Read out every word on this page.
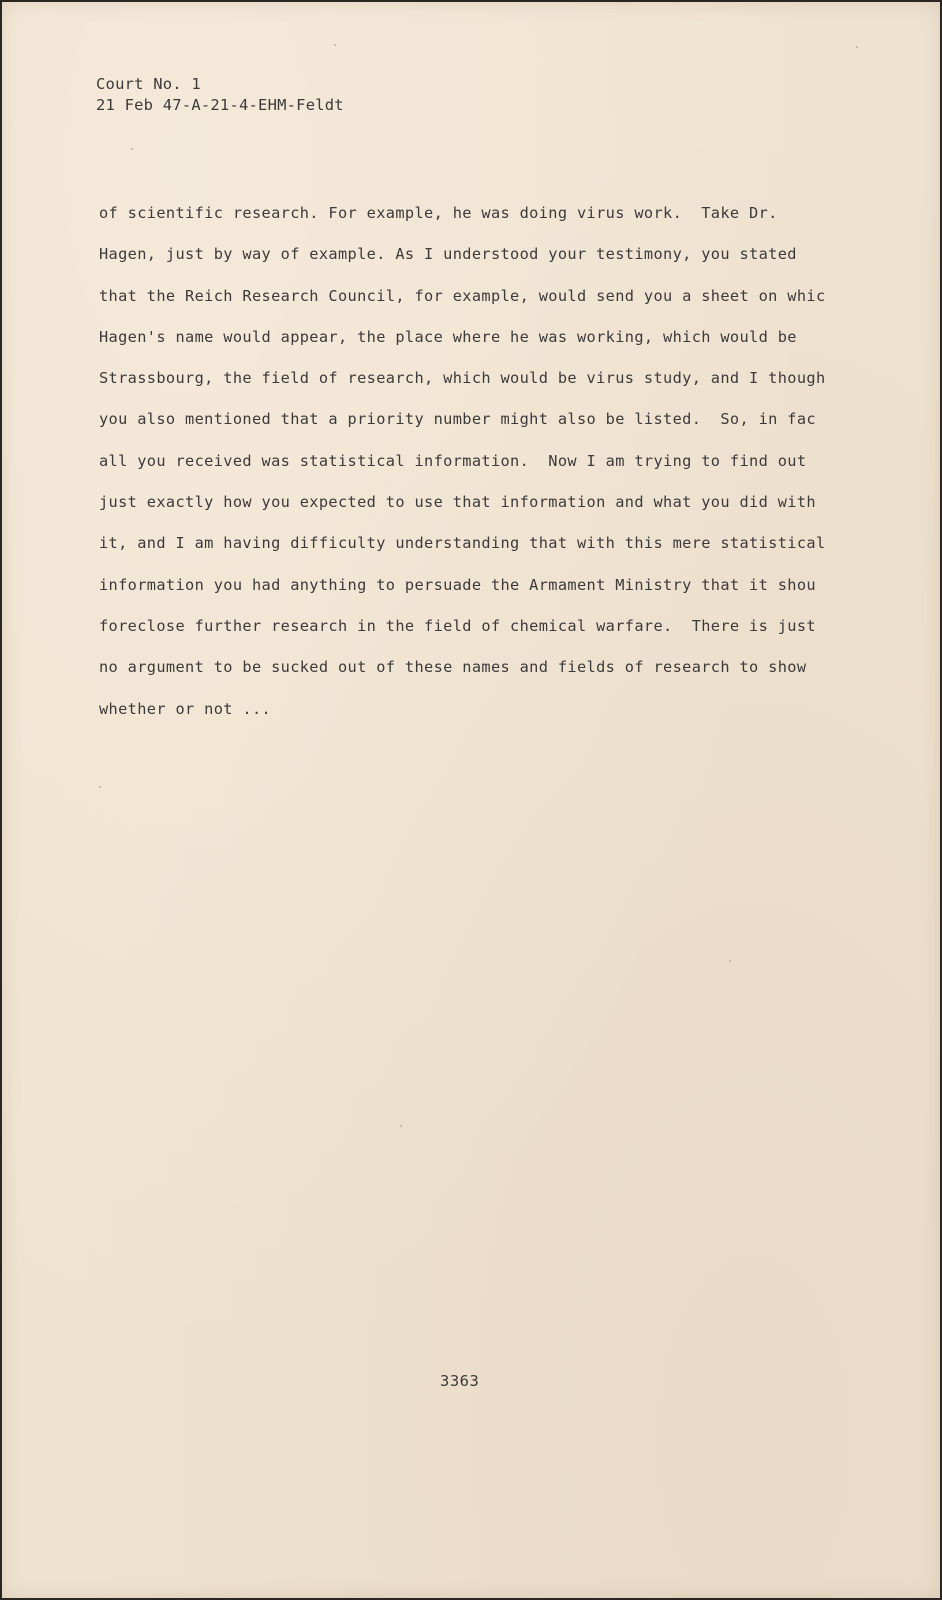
Court No. 1
21 Feb 47-A-21-4-EHM-Feldt
of scientific research. For example, he was doing virus work.  Take Dr.
Hagen, just by way of example. As I understood your testimony, you stated
that the Reich Research Council, for example, would send you a sheet on whic
Hagen's name would appear, the place where he was working, which would be
Strassbourg, the field of research, which would be virus study, and I though
you also mentioned that a priority number might also be listed.  So, in fac
all you received was statistical information.  Now I am trying to find out
just exactly how you expected to use that information and what you did with
it, and I am having difficulty understanding that with this mere statistical
information you had anything to persuade the Armament Ministry that it shou
foreclose further research in the field of chemical warfare.  There is just
no argument to be sucked out of these names and fields of research to show
whether or not ...
3363
